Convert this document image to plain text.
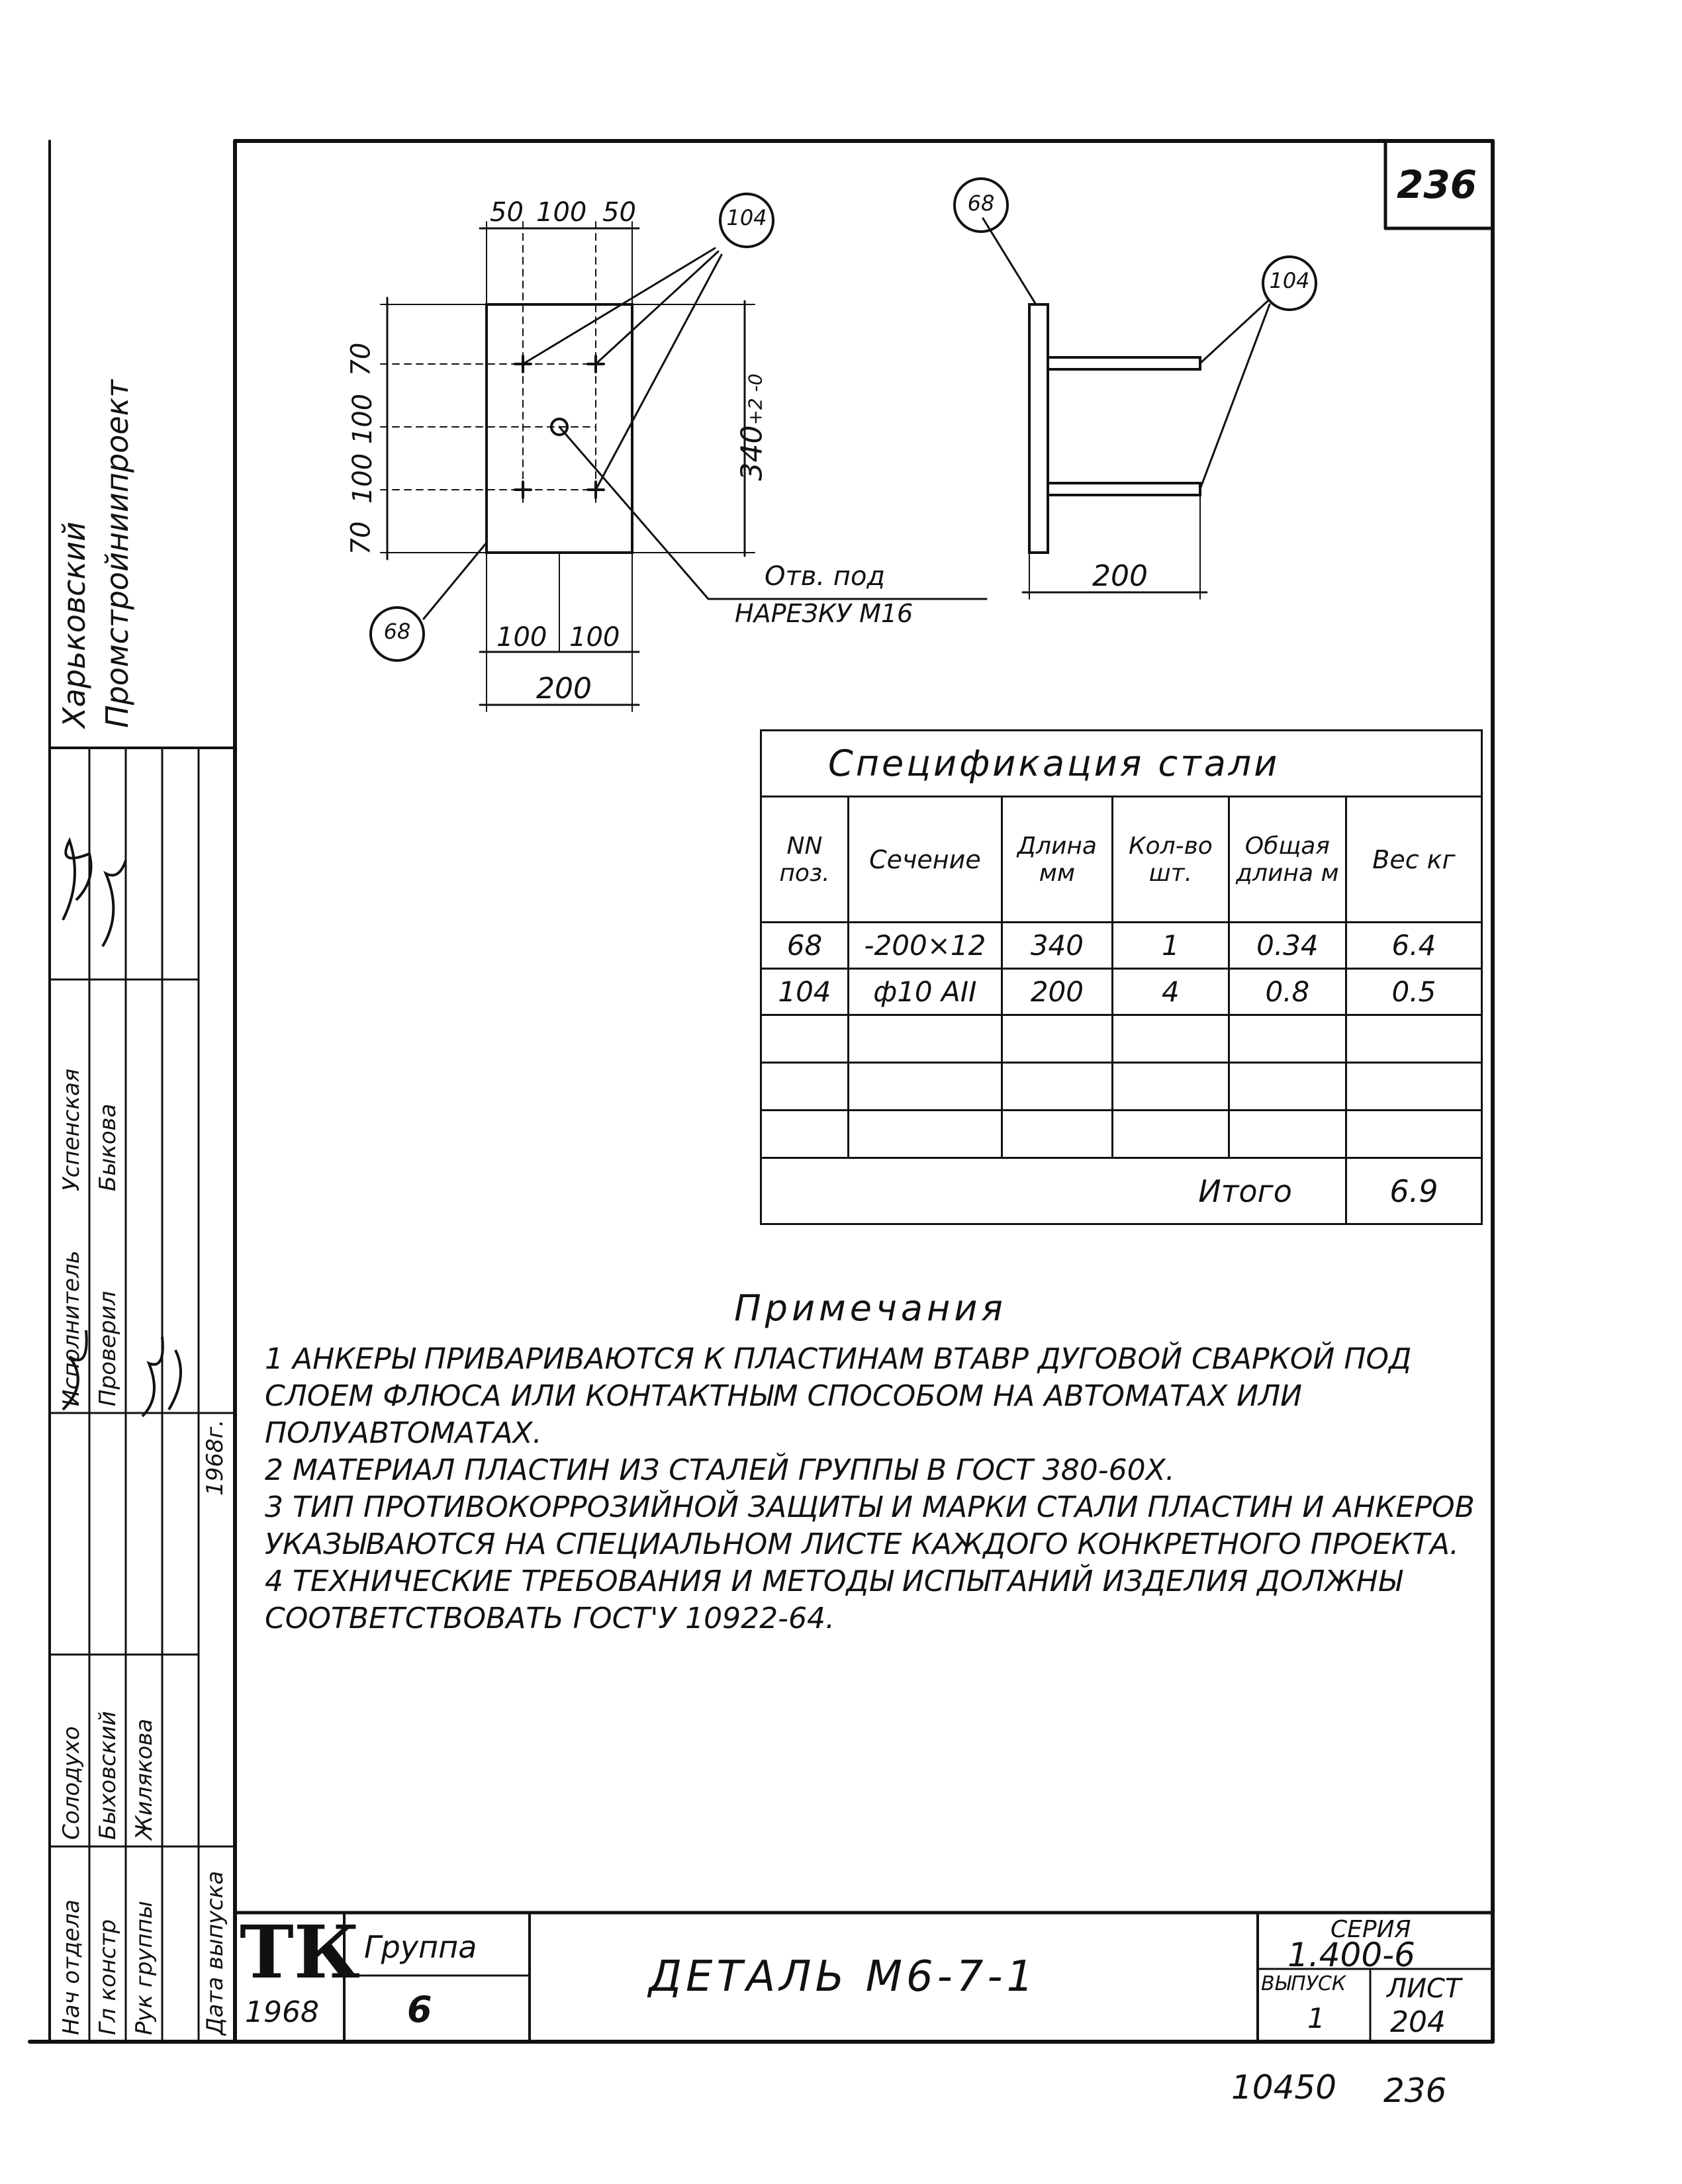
236
50 100 50
70
100
100
70
340+2 -0
100 100
200
Отв. под
НАРЕЗКУ М16
104
68
68
104
200
Спецификация стали					
NN поз.	Сечение	Длина мм	Кол-во шт.	Общая длина м	Вес кг
68	-200×12	340	1	0.34	6.4
104	ф10 АII	200	4	0.8	0.5

Итого					6.9
Примечания
1 АНКЕРЫ ПРИВАРИВАЮТСЯ К ПЛАСТИНАМ ВТАВР ДУГОВОЙ СВАРКОЙ ПОД СЛОЕМ ФЛЮСА ИЛИ КОНТАКТНЫМ СПОСОБОМ НА АВТОМАТАХ ИЛИ ПОЛУАВТОМАТАХ.
2 МАТЕРИАЛ ПЛАСТИН ИЗ СТАЛЕЙ ГРУППЫ В ГОСТ 380-60Х.
3 ТИП ПРОТИВОКОРРОЗИЙНОЙ ЗАЩИТЫ И МАРКИ СТАЛИ ПЛАСТИН И АНКЕРОВ УКАЗЫВАЮТСЯ НА СПЕЦИАЛЬНОМ ЛИСТЕ КАЖДОГО КОНКРЕТНОГО ПРОЕКТА.
4 ТЕХНИЧЕСКИЕ ТРЕБОВАНИЯ И МЕТОДЫ ИСПЫТАНИЙ ИЗДЕЛИЯ ДОЛЖНЫ СООТВЕТСТВОВАТЬ ГОСТ'У 10922-64.
ТК
1968
Группа
6
ДЕТАЛЬ М6-7-1
СЕРИЯ
1.400-6
ВЫПУСК
1
ЛИСТ
204
10450 236
Харьковский Промстройниипроект
Нач отдела Гл констр Рук группы
Исполнитель Проверил
Солодухо Быховский Жилякова
Успенская Быкова
Дата выпуска
1968г.
